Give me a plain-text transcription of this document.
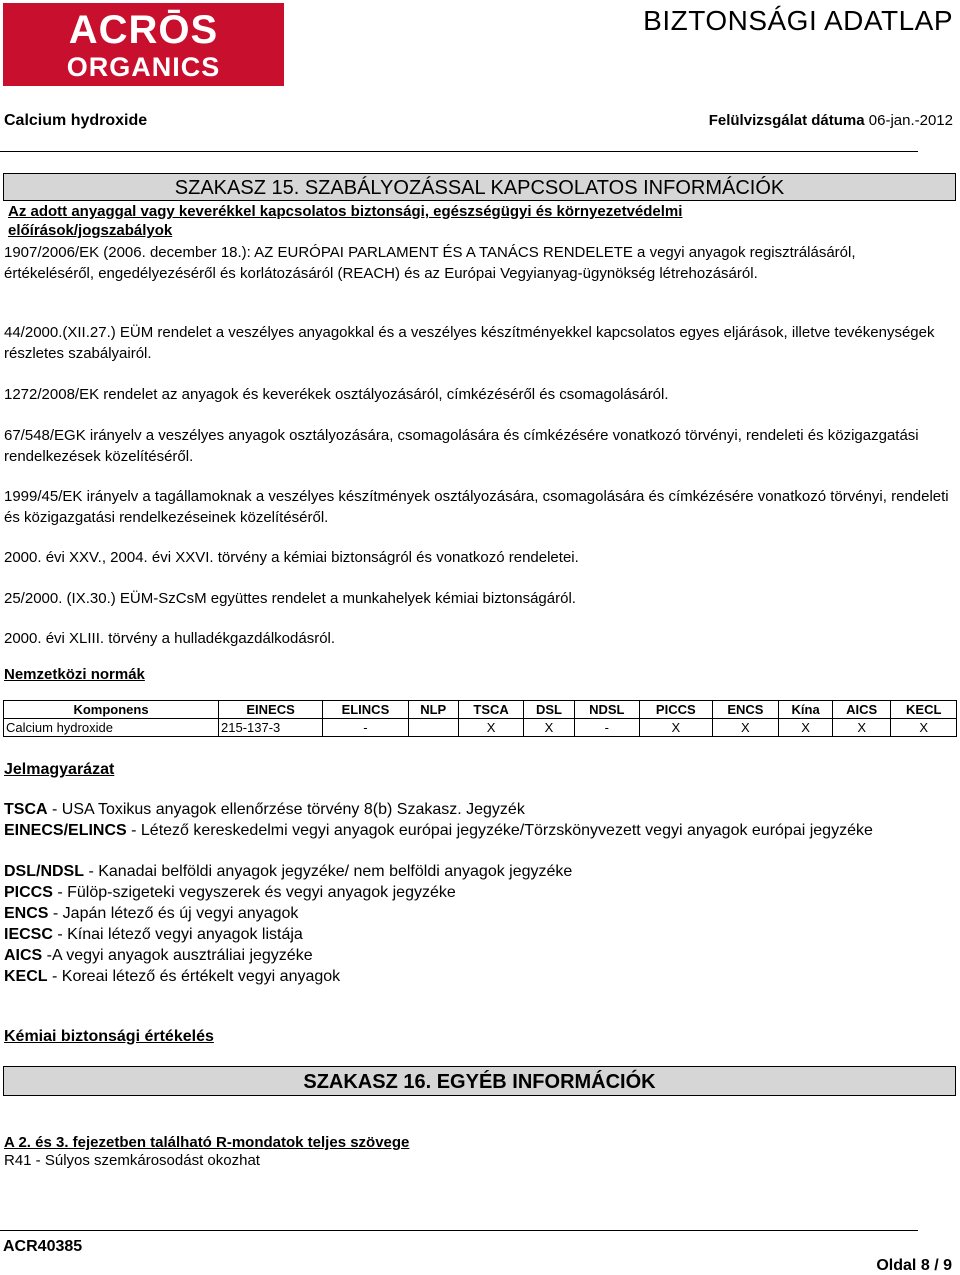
ACRŌS
ORGANICS
BIZTONSÁGI ADATLAP
Calcium hydroxide	Felülvizsgálat dátuma 06-jan.-2012
SZAKASZ 15. SZABÁLYOZÁSSAL KAPCSOLATOS INFORMÁCIÓK
Az adott anyaggal vagy keverékkel kapcsolatos biztonsági, egészségügyi és környezetvédelmi előírások/jogszabályok

1907/2006/EK (2006. december 18.): AZ EURÓPAI PARLAMENT ÉS A TANÁCS RENDELETE a vegyi anyagok regisztrálásáról, értékeléséről, engedélyezéséről és korlátozásáról (REACH) és az Európai Vegyianyag-ügynökség létrehozásáról.

44/2000.(XII.27.) EÜM rendelet a veszélyes anyagokkal és a veszélyes készítményekkel kapcsolatos egyes eljárások, illetve tevékenységek részletes szabályairól.

1272/2008/EK rendelet az anyagok és keverékek osztályozásáról, címkézéséről és csomagolásáról.

67/548/EGK irányelv a veszélyes anyagok osztályozására, csomagolására és címkézésére vonatkozó törvényi, rendeleti és közigazgatási rendelkezések közelítéséről.

1999/45/EK irányelv a tagállamoknak a veszélyes készítmények osztályozására, csomagolására és címkézésére vonatkozó törvényi, rendeleti és közigazgatási rendelkezéseinek közelítéséről.

2000. évi XXV., 2004. évi XXVI. törvény a kémiai biztonságról és vonatkozó rendeletei.

25/2000. (IX.30.) EÜM-SzCsM együttes rendelet a munkahelyek kémiai biztonságáról.

2000. évi XLIII. törvény a hulladékgazdálkodásról.

Nemzetközi normák
Komponens	EINECS	ELINCS	NLP	TSCA	DSL	NDSL	PICCS	ENCS	Kína	AICS	KECL
Calcium hydroxide	215-137-3	-		X	X	-	X	X	X	X	X
Jelmagyarázat
TSCA - USA Toxikus anyagok ellenőrzése törvény 8(b) Szakasz. Jegyzék
EINECS/ELINCS - Létező kereskedelmi vegyi anyagok európai jegyzéke/Törzskönyvezett vegyi anyagok európai jegyzéke
DSL/NDSL - Kanadai belföldi anyagok jegyzéke/ nem belföldi anyagok jegyzéke
PICCS - Fülöp-szigeteki vegyszerek és vegyi anyagok jegyzéke
ENCS - Japán létező és új vegyi anyagok
IECSC - Kínai létező vegyi anyagok listája
AICS -A vegyi anyagok ausztráliai jegyzéke
KECL - Koreai létező és értékelt vegyi anyagok
Kémiai biztonsági értékelés
SZAKASZ 16. EGYÉB INFORMÁCIÓK
A 2. és 3. fejezetben található R-mondatok teljes szövege
R41 - Súlyos szemkárosodást okozhat
ACR40385
Oldal 8 / 9
